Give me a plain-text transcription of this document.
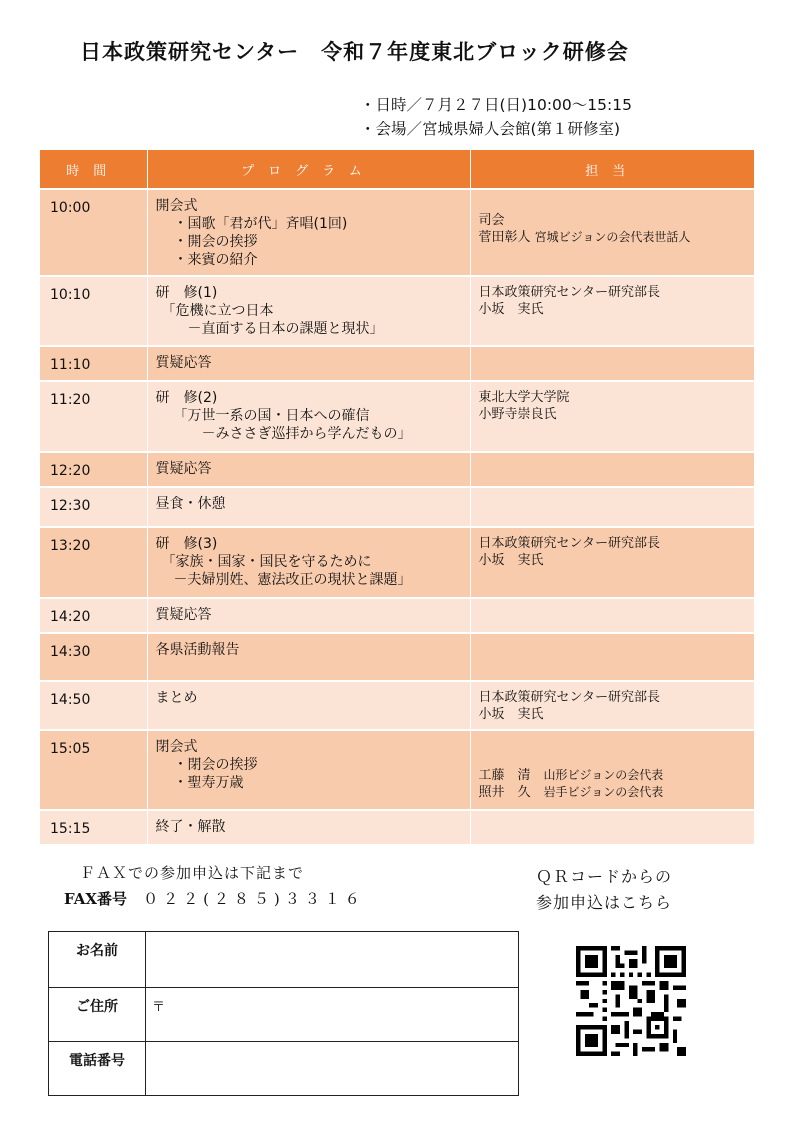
日本政策研究センター　令和７年度東北ブロック研修会
・日時／７月２７日(日)10:00～15:15
・会場／宮城県婦人会館(第１研修室)
時間	プログラム	担当
10:00	開会式
・国歌「君が代」斉唱(1回)
・開会の挨拶
・来賓の紹介	司会
菅田彰人 宮城ビジョンの会代表世話人

10:10	研　修(1)
「危機に立つ日本
－直面する日本の課題と現状」	日本政策研究センター研究部長
小坂　実氏

11:10	質疑応答	
11:20	研　修(2)
「万世一系の国・日本への確信
－みささぎ巡拝から学んだもの」	東北大学大学院
小野寺崇良氏

12:20	質疑応答	
12:30	昼食・休憩	
13:20	研　修(3)
「家族・国家・国民を守るために
－夫婦別姓、憲法改正の現状と課題」	日本政策研究センター研究部長
小坂　実氏

14:20	質疑応答	
14:30	各県活動報告	
14:50	まとめ	日本政策研究センター研究部長
小坂　実氏

15:05	閉会式
・閉会の挨拶
・聖寿万歳	工藤　清　 山形ビジョンの会代表
照井　久　 岩手ビジョンの会代表

15:15	終了・解散	
ＦＡＸでの参加申込は下記まで
FAX番号 ０２２(２８５)３３１６
ＱＲコードからの
参加申込はこちら
お名前	
ご住所	〒
電話番号	
